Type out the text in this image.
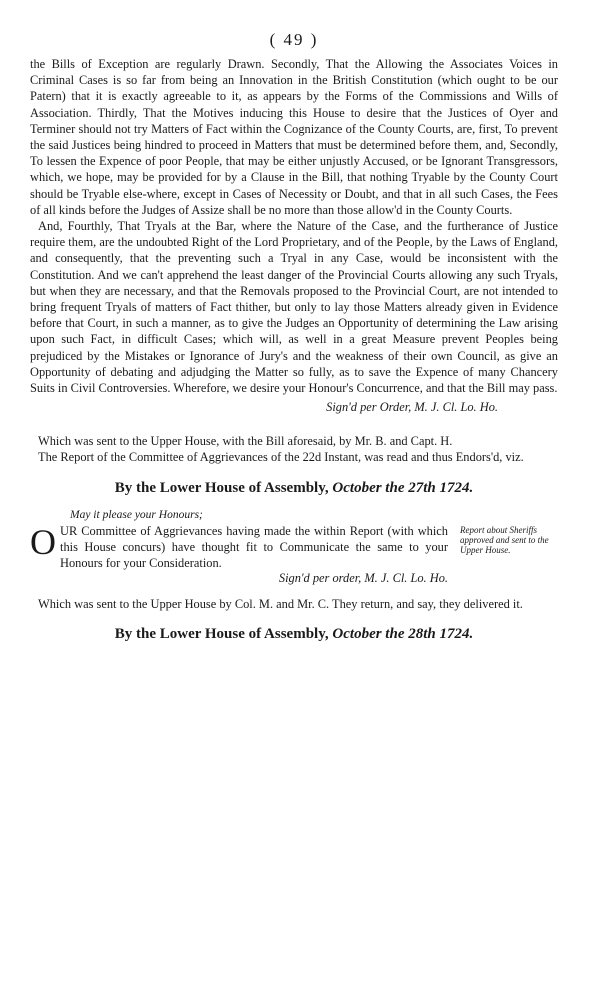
( 49 )

the Bills of Exception are regularly Drawn. Secondly, That the Allowing the Associates Voices in Criminal Cases is so far from being an Innovation in the British Constitution (which ought to be our Patern) that it is exactly agreeable to it, as appears by the Forms of the Commissions and Wills of Association. Thirdly, That the Motives inducing this House to desire that the Justices of Oyer and Terminer should not try Matters of Fact within the Cognizance of the County Courts, are, first, To prevent the said Justices being hindred to proceed in Matters that must be determined before them, and, Secondly, To lessen the Expence of poor People, that may be either unjustly Accused, or be Ignorant Transgressors, which, we hope, may be provided for by a Clause in the Bill, that nothing Tryable by the County Court should be Tryable else-where, except in Cases of Necessity or Doubt, and that in all such Cases, the Fees of all kinds before the Judges of Assize shall be no more than those allow'd in the County Courts.

And, Fourthly, That Tryals at the Bar, where the Nature of the Case, and the furtherance of Justice require them, are the undoubted Right of the Lord Proprietary, and of the People, by the Laws of England, and consequently, that the preventing such a Tryal in any Case, would be inconsistent with the Constitution. And we can't apprehend the least danger of the Provincial Courts allowing any such Tryals, but when they are necessary, and that the Removals proposed to the Provincial Court, are not intended to bring frequent Tryals of matters of Fact thither, but only to lay those Matters already given in Evidence before that Court, in such a manner, as to give the Judges an Opportunity of determining the Law arising upon such Fact, in difficult Cases; which will, as well in a great Measure prevent Peoples being prejudiced by the Mistakes or Ignorance of Jury's and the weakness of their own Council, as give an Opportunity of debating and adjudging the Matter so fully, as to save the Expence of many Chancery Suits in Civil Controversies. Wherefore, we desire your Honour's Concurrence, and that the Bill may pass.

Sign'd per Order, M. J. Cl. Lo. Ho.

Which was sent to the Upper House, with the Bill aforesaid, by Mr. B. and Capt. H.

The Report of the Committee of Aggrievances of the 22d Instant, was read and thus Endors'd, viz.

By the Lower House of Assembly, October the 27th 1724.
May it please your Honours;
Report about Sheriffs approved and sent to the Upper House.
O UR Committee of Aggrievances having made the within Report (with which this House concurs) have thought fit to Communicate the same to your Honours for your Consideration.
Sign'd per order, M. J. Cl. Lo. Ho.

Which was sent to the Upper House by Col. M. and Mr. C. They return, and say, they delivered it.

By the Lower House of Assembly, October the 28th 1724.
